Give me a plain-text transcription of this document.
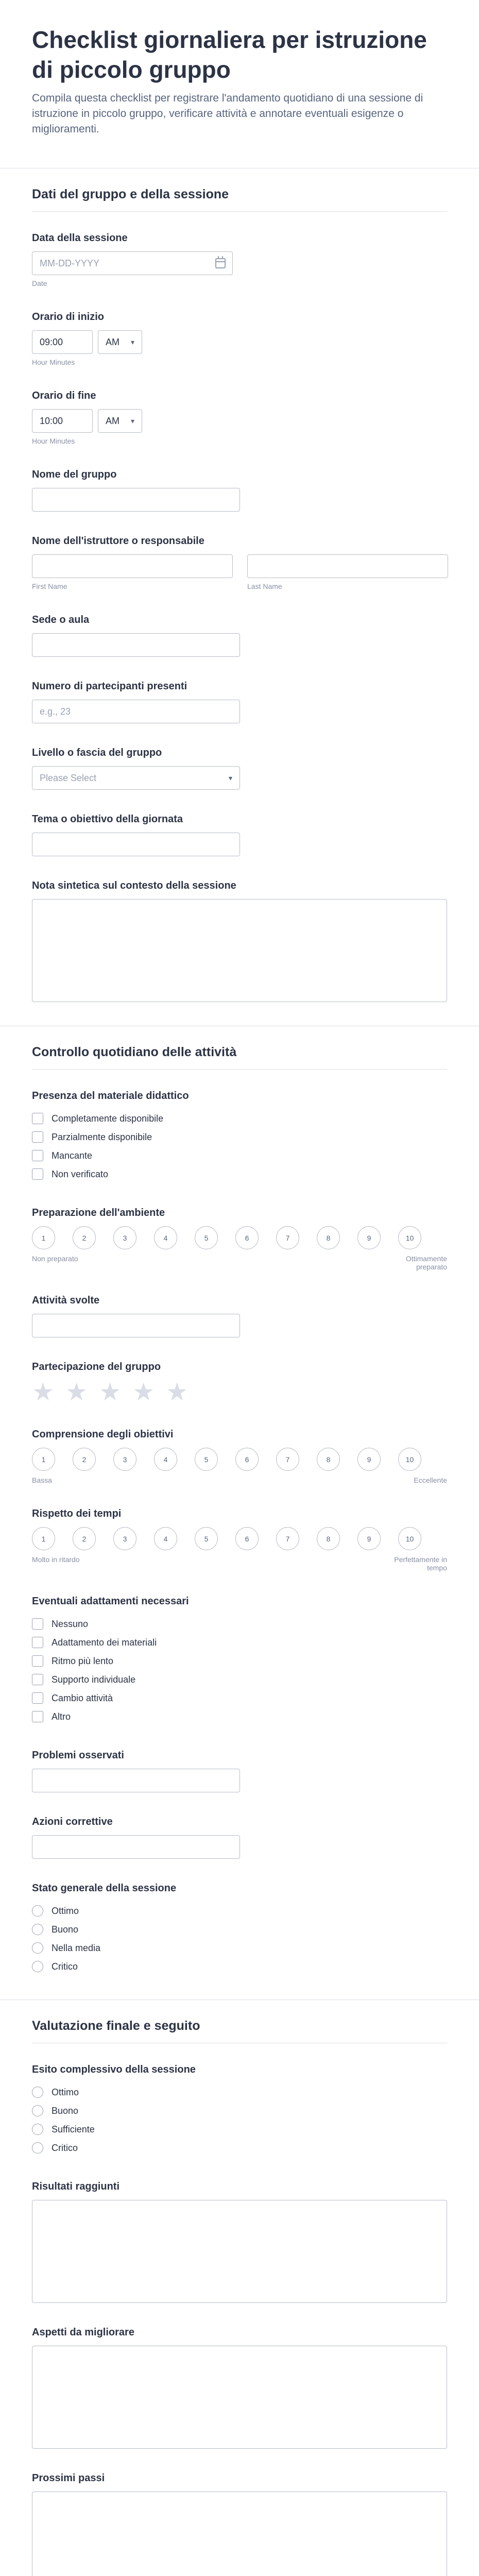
Checklist giornaliera per istruzione di piccolo gruppo

Compila questa checklist per registrare l'andamento quotidiano di una sessione di istruzione in piccolo gruppo, verificare attività e annotare eventuali esigenze o miglioramenti.

Dati del gruppo e della sessione
Data della sessione
MM-DD-YYYY
Date
Orario di inizio
09:00	AM ▾
Hour Minutes
Orario di fine
10:00	AM ▾
Hour Minutes
Nome del gruppo
Nome dell'istruttore o responsabile
First Name	Last Name
Sede o aula
Numero di partecipanti presenti
e.g., 23
Livello o fascia del gruppo
Please Select	▾
Tema o obiettivo della giornata
Nota sintetica sul contesto della sessione
Controllo quotidiano delle attività
Presenza del materiale didattico
Completamente disponibile
Parzialmente disponibile
Mancante
Non verificato
Preparazione dell'ambiente
1	2	3	4	5	6	7	8	9	10
Non preparato	Ottimamente preparato
Attività svolte
Partecipazione del gruppo
★ ★ ★ ★ ★
Comprensione degli obiettivi
1	2	3	4	5	6	7	8	9	10
Bassa	Eccellente
Rispetto dei tempi
1	2	3	4	5	6	7	8	9	10
Molto in ritardo	Perfettamente in tempo
Eventuali adattamenti necessari
Nessuno
Adattamento dei materiali
Ritmo più lento
Supporto individuale
Cambio attività
Altro
Problemi osservati
Azioni correttive
Stato generale della sessione
Ottimo
Buono
Nella media
Critico
Valutazione finale e seguito
Esito complessivo della sessione
Ottimo
Buono
Sufficiente
Critico
Risultati raggiunti
Aspetti da migliorare
Prossimi passi
